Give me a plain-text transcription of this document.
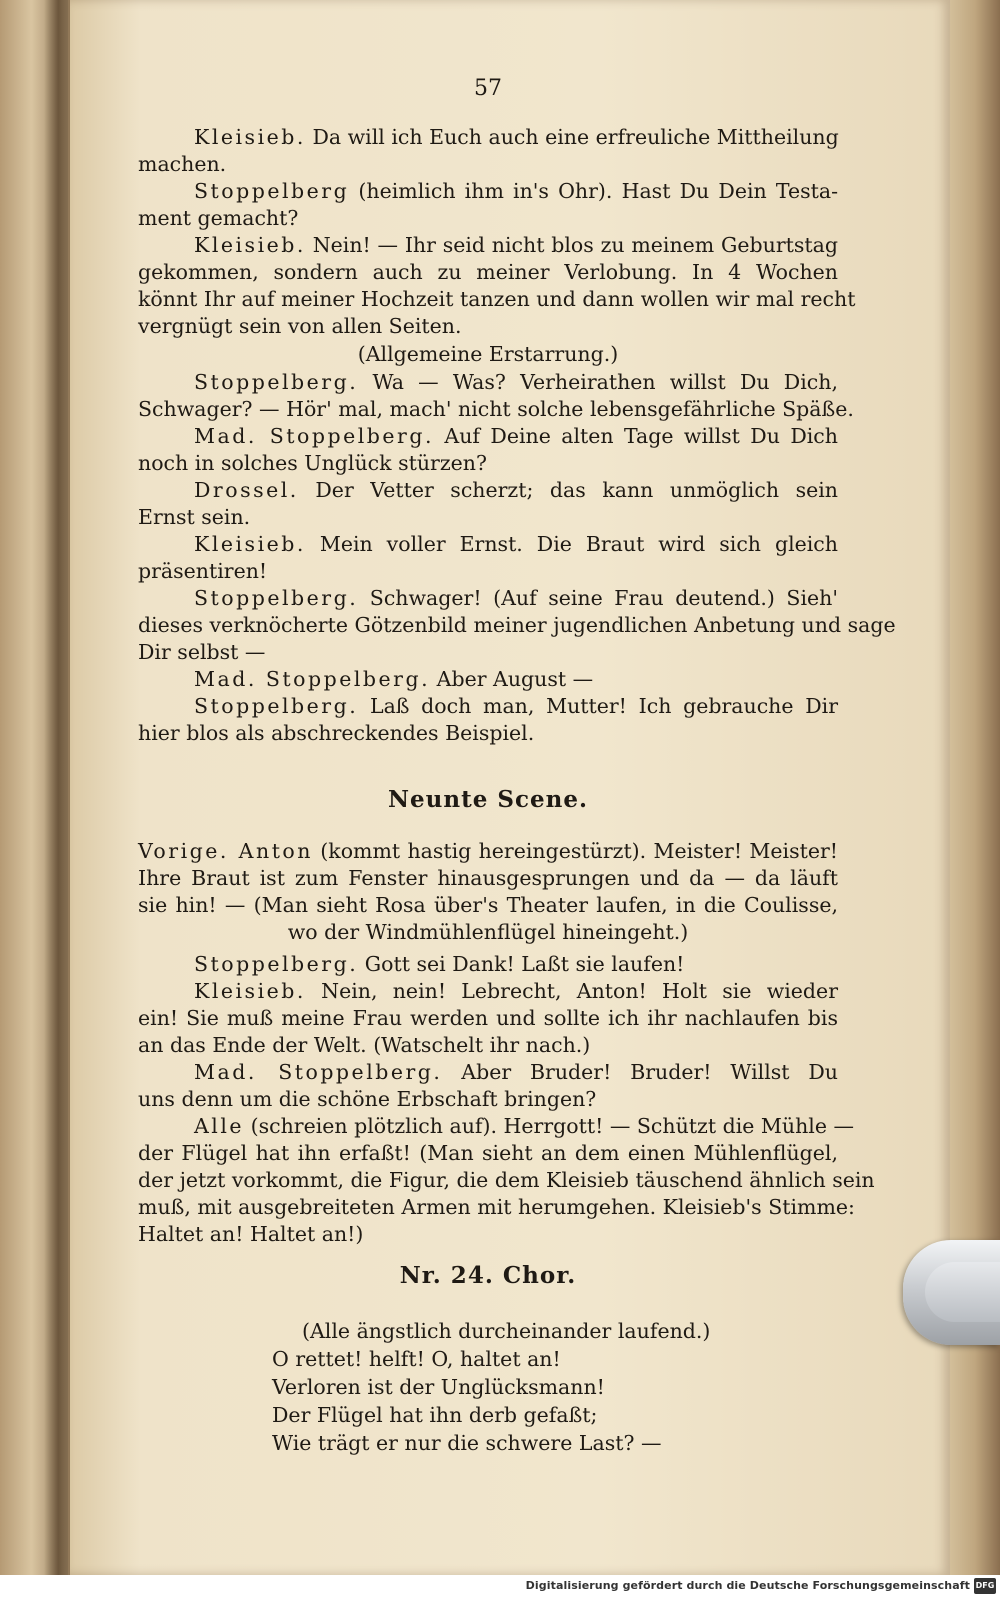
57
Kleisieb. Da will ich Euch auch eine erfreuliche Mittheilung
machen.
Stoppelberg (heimlich ihm in's Ohr). Hast Du Dein Testa-
ment gemacht?
Kleisieb. Nein! — Ihr seid nicht blos zu meinem Geburtstag
gekommen, sondern auch zu meiner Verlobung. In 4 Wochen
könnt Ihr auf meiner Hochzeit tanzen und dann wollen wir mal recht
vergnügt sein von allen Seiten.
(Allgemeine Erstarrung.)
Stoppelberg. Wa — Was? Verheirathen willst Du Dich,
Schwager? — Hör' mal, mach' nicht solche lebensgefährliche Späße.
Mad. Stoppelberg. Auf Deine alten Tage willst Du Dich
noch in solches Unglück stürzen?
Drossel. Der Vetter scherzt; das kann unmöglich sein
Ernst sein.
Kleisieb. Mein voller Ernst. Die Braut wird sich gleich
präsentiren!
Stoppelberg. Schwager! (Auf seine Frau deutend.) Sieh'
dieses verknöcherte Götzenbild meiner jugendlichen Anbetung und sage
Dir selbst —
Mad. Stoppelberg. Aber August —
Stoppelberg. Laß doch man, Mutter! Ich gebrauche Dir
hier blos als abschreckendes Beispiel.
Neunte Scene.
Vorige. Anton (kommt hastig hereingestürzt). Meister! Meister!
Ihre Braut ist zum Fenster hinausgesprungen und da — da läuft
sie hin! — (Man sieht Rosa über's Theater laufen, in die Coulisse,
wo der Windmühlenflügel hineingeht.)
Stoppelberg. Gott sei Dank! Laßt sie laufen!
Kleisieb. Nein, nein! Lebrecht, Anton! Holt sie wieder
ein! Sie muß meine Frau werden und sollte ich ihr nachlaufen bis
an das Ende der Welt. (Watschelt ihr nach.)
Mad. Stoppelberg. Aber Bruder! Bruder! Willst Du
uns denn um die schöne Erbschaft bringen?
Alle (schreien plötzlich auf). Herrgott! — Schützt die Mühle —
der Flügel hat ihn erfaßt! (Man sieht an dem einen Mühlenflügel,
der jetzt vorkommt, die Figur, die dem Kleisieb täuschend ähnlich sein
muß, mit ausgebreiteten Armen mit herumgehen. Kleisieb's Stimme:
Haltet an! Haltet an!)
Nr. 24. Chor.
(Alle ängstlich durcheinander laufend.)
O rettet! helft! O, haltet an!
Verloren ist der Unglücksmann!
Der Flügel hat ihn derb gefaßt;
Wie trägt er nur die schwere Last? —
Digitalisierung gefördert durch die Deutsche Forschungsgemeinschaft DFG
